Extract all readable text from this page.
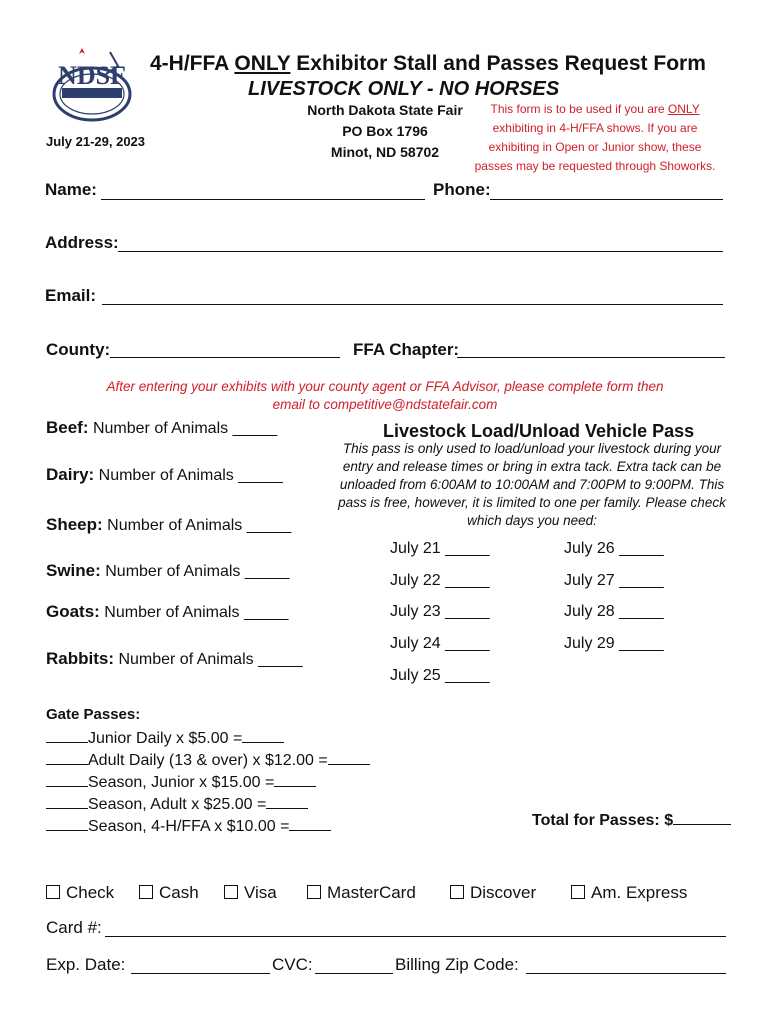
NDSF 4-H/FFA ONLY Exhibitor Stall and Passes Request Form
LIVESTOCK ONLY - NO HORSES
North Dakota State Fair
PO Box 1796
Minot, ND 58702
July 21-29, 2023
This form is to be used if you are ONLY exhibiting in 4-H/FFA shows. If you are exhibiting in Open or Junior show, these passes may be requested through Showorks.
Name:	Phone:
Address:
Email:
County:	FFA Chapter:
After entering your exhibits with your county agent or FFA Advisor, please complete form then email to competitive@ndstatefair.com
Beef: Number of Animals _____
Dairy: Number of Animals _____
Sheep: Number of Animals _____
Swine: Number of Animals _____
Goats: Number of Animals _____
Rabbits: Number of Animals _____
Livestock Load/Unload Vehicle Pass
This pass is only used to load/unload your livestock during your entry and release times or bring in extra tack. Extra tack can be unloaded from 6:00AM to 10:00AM and 7:00PM to 9:00PM. This pass is free, however, it is limited to one per family. Please check which days you need:
July 21 _____
July 22 _____
July 23 _____
July 24 _____
July 25 _____
July 26 _____
July 27 _____
July 28 _____
July 29 _____
Gate Passes:
Junior Daily x $5.00 =
Adult Daily (13 & over) x $12.00 =
Season, Junior x $15.00 =
Season, Adult x $25.00 =
Season, 4-H/FFA x $10.00 =	Total for Passes: $
Check	Cash	Visa	MasterCard	Discover	Am. Express
Card #:
Exp. Date:	CVC:	Billing Zip Code:
